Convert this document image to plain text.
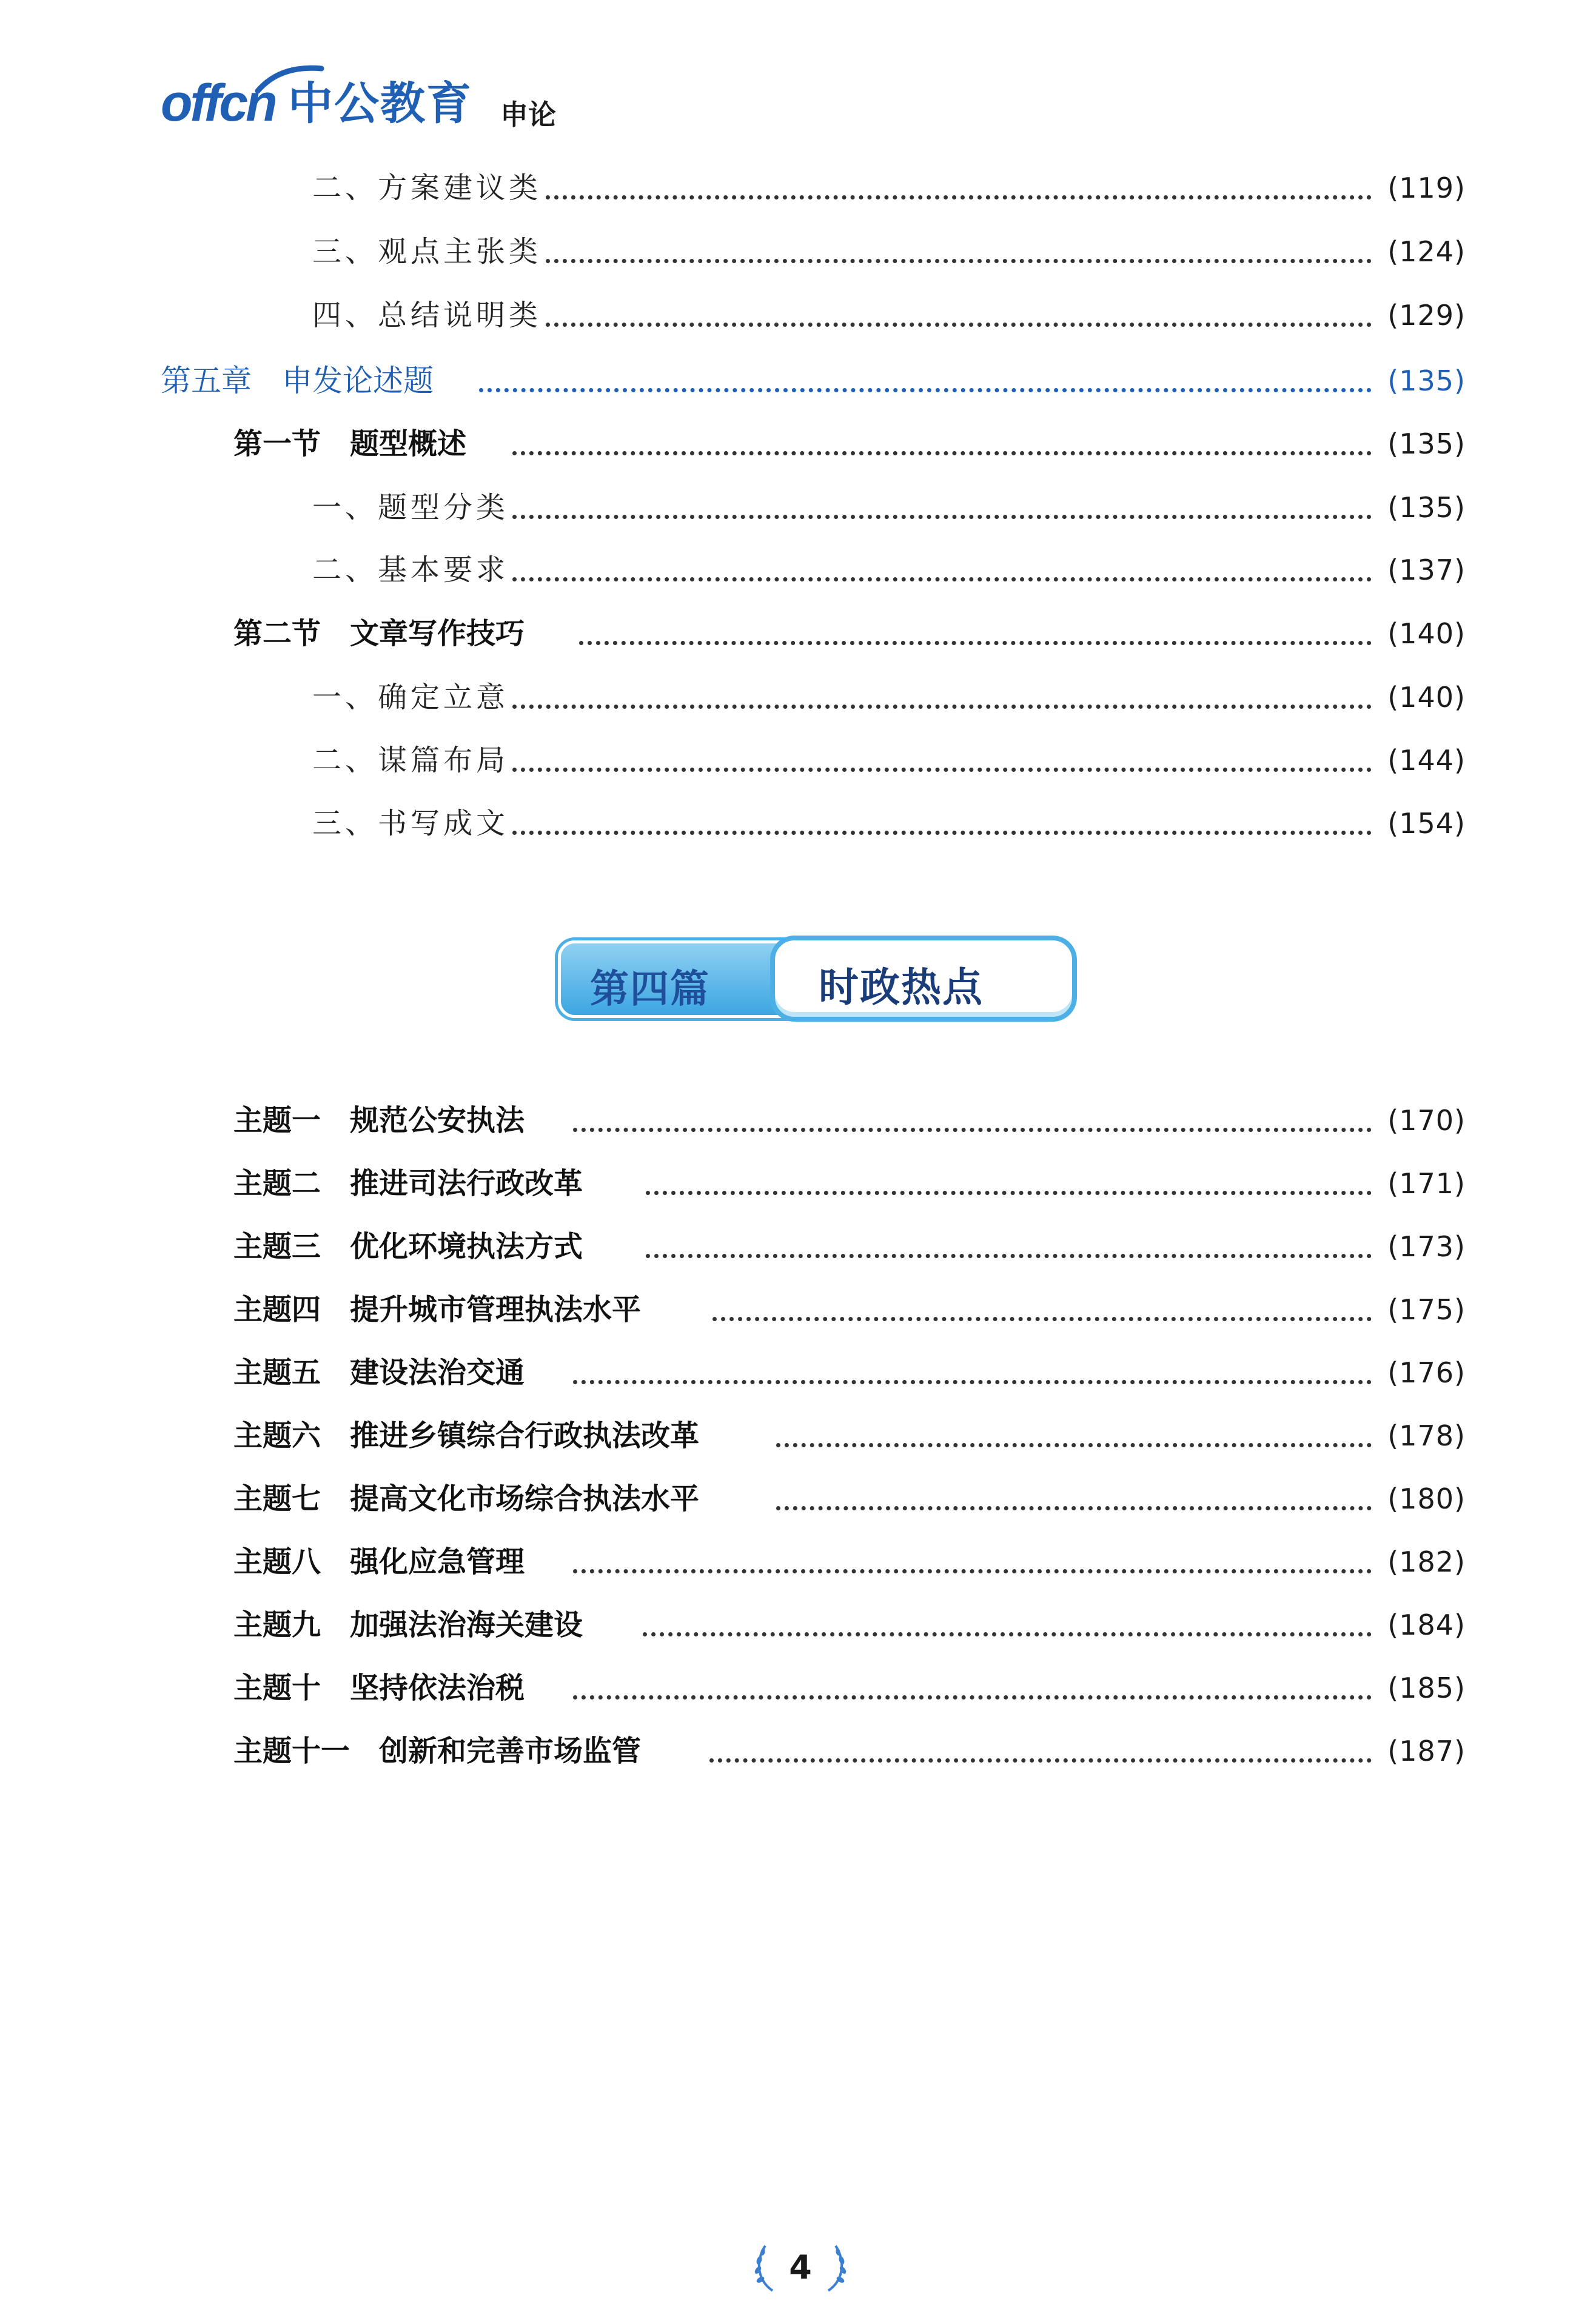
offcn 中公教育 申论
二、方案建议类	(119)
三、观点主张类	(124)
四、总结说明类	(129)
第五章　申发论述题	(135)
第一节　题型概述	(135)
一、题型分类	(135)
二、基本要求	(137)
第二节　文章写作技巧	(140)
一、确定立意	(140)
二、谋篇布局	(144)
三、书写成文	(154)
第四篇	时政热点
主题一　规范公安执法	(170)
主题二　推进司法行政改革	(171)
主题三　优化环境执法方式	(173)
主题四　提升城市管理执法水平	(175)
主题五　建设法治交通	(176)
主题六　推进乡镇综合行政执法改革	(178)
主题七　提高文化市场综合执法水平	(180)
主题八　强化应急管理	(182)
主题九　加强法治海关建设	(184)
主题十　坚持依法治税	(185)
主题十一　创新和完善市场监管	(187)
4
